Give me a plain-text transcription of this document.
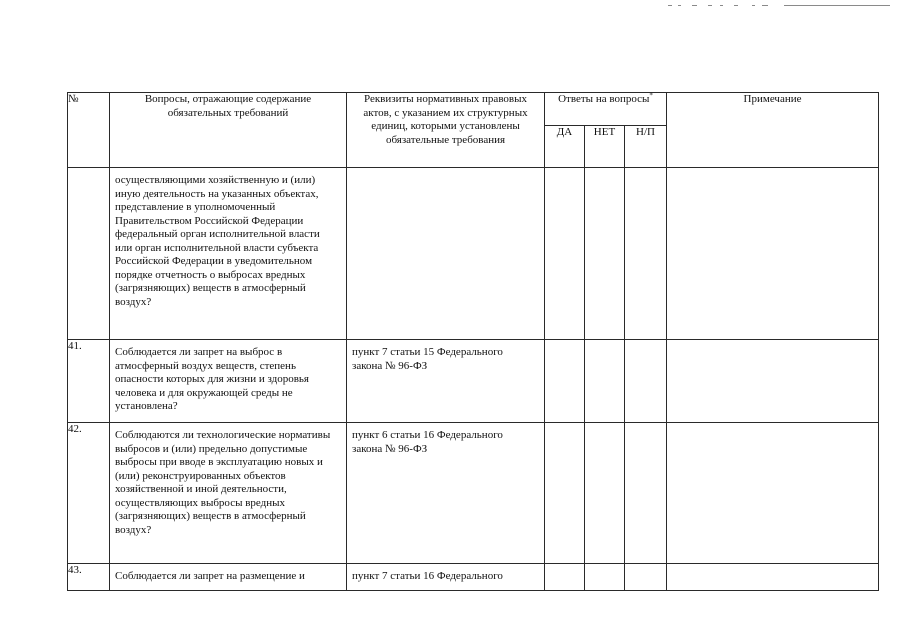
№	Вопросы, отражающие содержание обязательных требований	Реквизиты нормативных правовых актов, с указанием их структурных единиц, которыми установлены обязательные требования	Ответы на вопросы*			Примечание
			ДА	НЕТ	Н/П	

	осуществляющими хозяйственную и (или) иную деятельность на указанных объектах, представление в уполномоченный Правительством Российской Федерации федеральный орган исполнительной власти или орган исполнительной власти субъекта Российской Федерации в уведомительном порядке отчетность о выбросах вредных (загрязняющих) веществ в атмосферный воздух?					

41.	Соблюдается ли запрет на выброс в атмосферный воздух веществ, степень опасности которых для жизни и здоровья человека и для окружающей среды не установлена?	пункт 7 статьи 15 Федерального закона № 96-ФЗ				

42.	Соблюдаются ли технологические нормативы выбросов и (или) предельно допустимые выбросы при вводе в эксплуатацию новых и (или) реконструированных объектов хозяйственной и иной деятельности, осуществляющих выбросы вредных (загрязняющих) веществ в атмосферный воздух?	пункт 6 статьи 16 Федерального закона № 96-ФЗ				

43.	Соблюдается ли запрет на размещение и	пункт 7 статьи 16 Федерального				
